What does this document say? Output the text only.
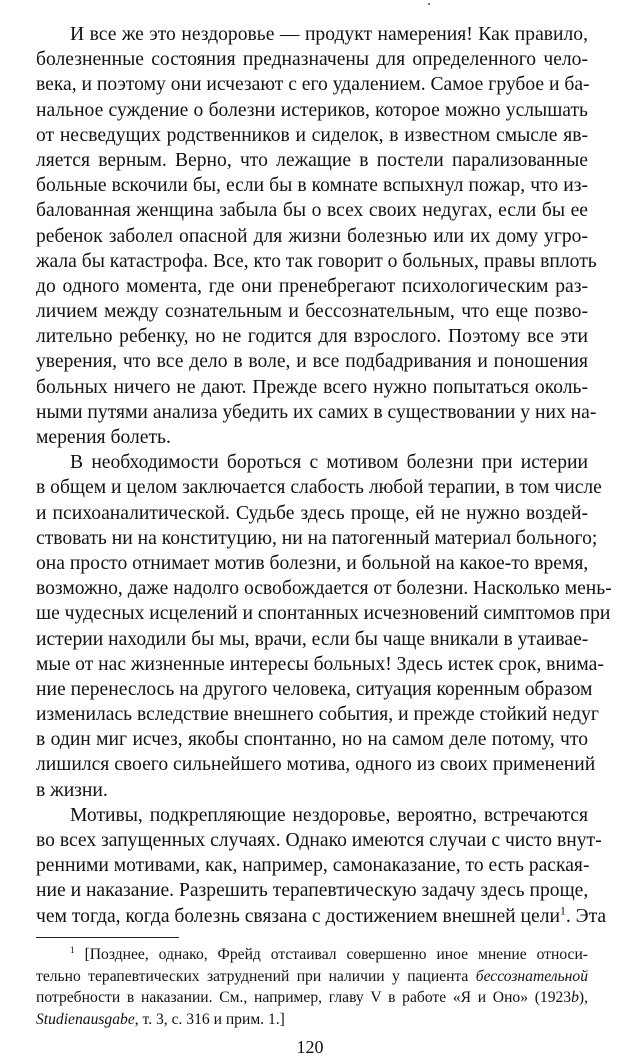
И все же это нездоровье — продукт намерения! Как правило,
болезненные состояния предназначены для определенного чело-
века, и поэтому они исчезают с его удалением. Самое грубое и ба-
нальное суждение о болезни истериков, которое можно услышать
от несведущих родственников и сиделок, в известном смысле яв-
ляется верным. Верно, что лежащие в постели парализованные
больные вскочили бы, если бы в комнате вспыхнул пожар, что из-
балованная женщина забыла бы о всех своих недугах, если бы ее
ребенок заболел опасной для жизни болезнью или их дому угро-
жала бы катастрофа. Все, кто так говорит о больных, правы вплоть
до одного момента, где они пренебрегают психологическим раз-
личием между сознательным и бессознательным, что еще позво-
лительно ребенку, но не годится для взрослого. Поэтому все эти
уверения, что все дело в воле, и все подбадривания и поношения
больных ничего не дают. Прежде всего нужно попытаться околь-
ными путями анализа убедить их самих в существовании у них на-
мерения болеть.
В необходимости бороться с мотивом болезни при истерии
в общем и целом заключается слабость любой терапии, в том числе
и психоаналитической. Судьбе здесь проще, ей не нужно воздей-
ствовать ни на конституцию, ни на патогенный материал больного;
она просто отнимает мотив болезни, и больной на какое-то время,
возможно, даже надолго освобождается от болезни. Насколько мень-
ше чудесных исцелений и спонтанных исчезновений симптомов при
истерии находили бы мы, врачи, если бы чаще вникали в утаивае-
мые от нас жизненные интересы больных! Здесь истек срок, внима-
ние перенеслось на другого человека, ситуация коренным образом
изменилась вследствие внешнего события, и прежде стойкий недуг
в один миг исчез, якобы спонтанно, но на самом деле потому, что
лишился своего сильнейшего мотива, одного из своих применений
в жизни.
Мотивы, подкрепляющие нездоровье, вероятно, встречаются
во всех запущенных случаях. Однако имеются случаи с чисто внут-
ренними мотивами, как, например, самонаказание, то есть раская-
ние и наказание. Разрешить терапевтическую задачу здесь проще,
чем тогда, когда болезнь связана с достижением внешней цели$^1$. Эта
$^1$ [Позднее, однако, Фрейд отстаивал совершенно иное мнение относи-
тельно терапевтических затруднений при наличии у пациента бессознательной
потребности в наказании. См., например, главу V в работе «Я и Оно» (1923b),
Studienausgabe, т. 3, с. 316 и прим. 1.]
120
